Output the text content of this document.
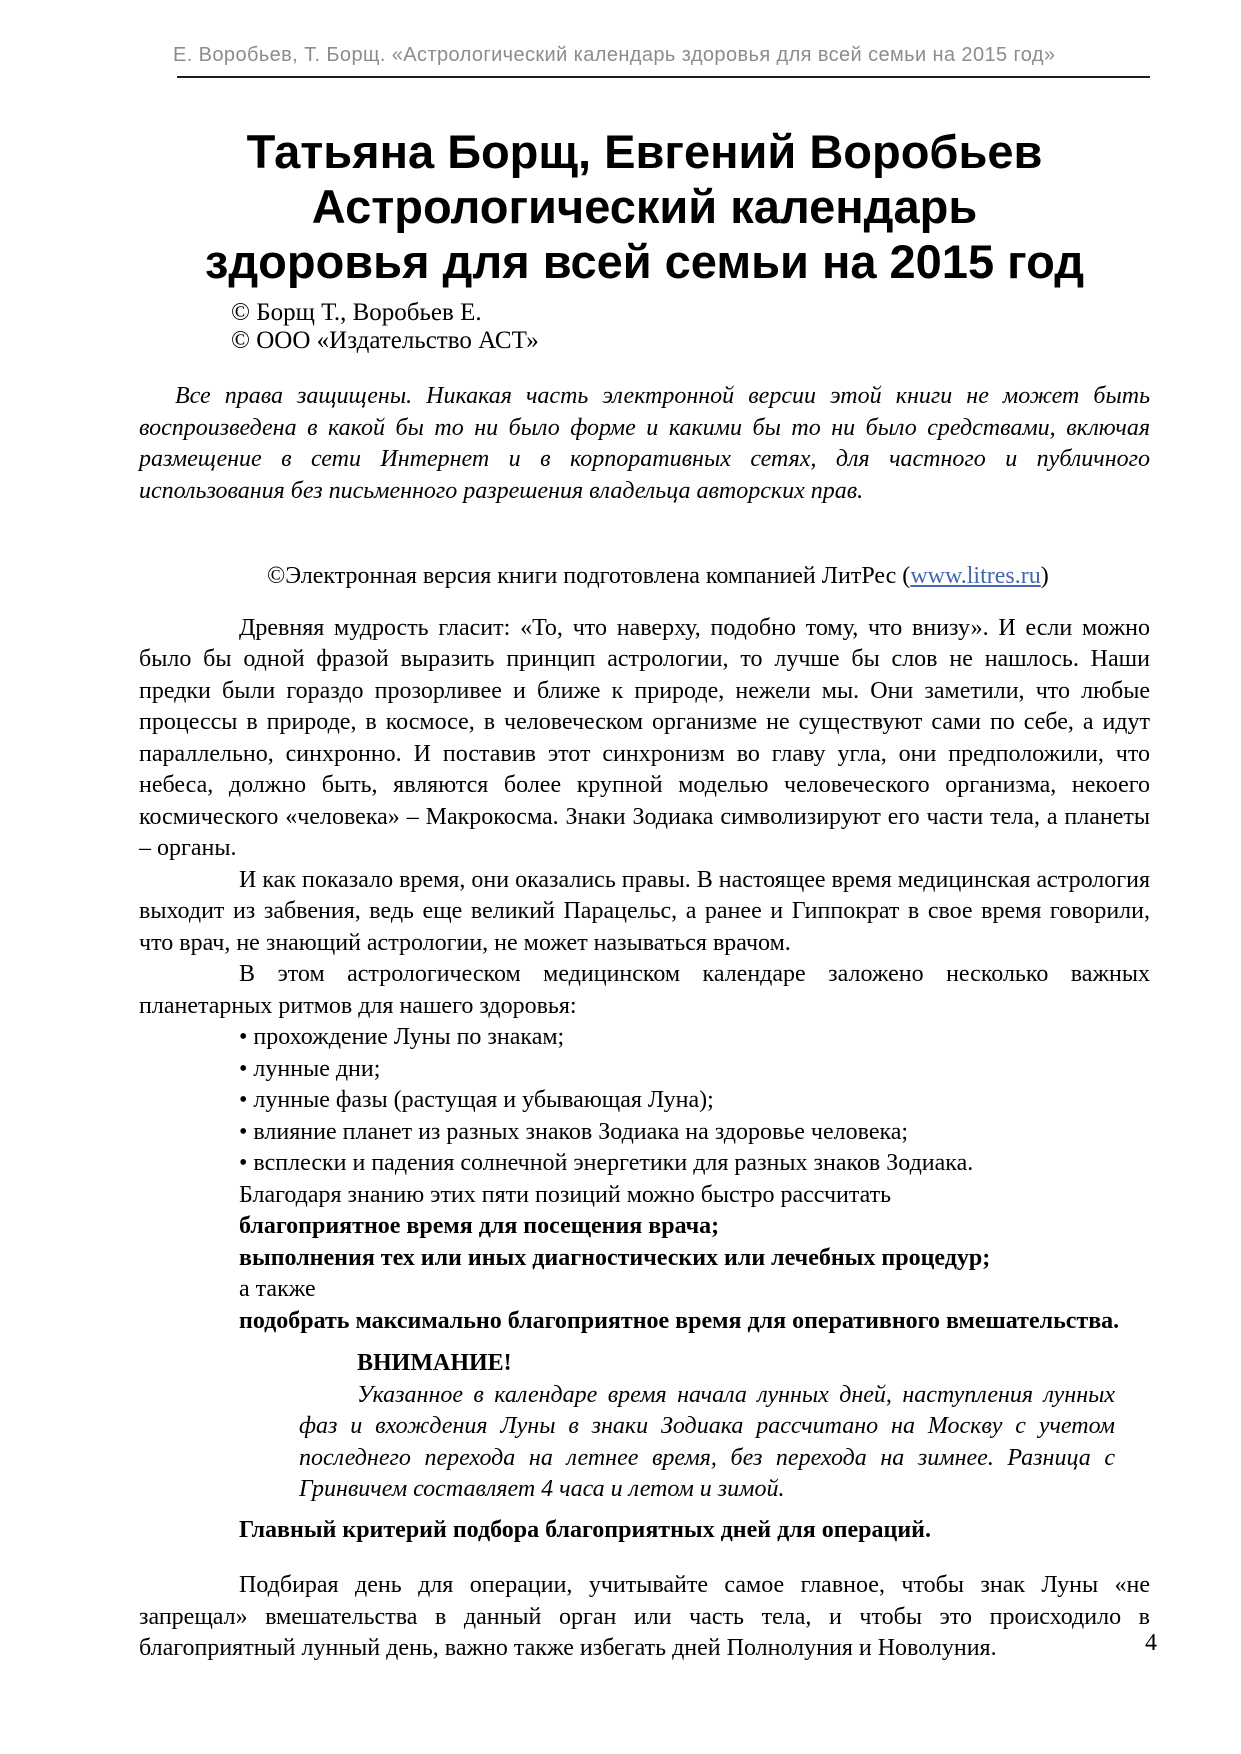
Е. Воробьев, Т. Борщ. «Астрологический календарь здоровья для всей семьи на 2015 год»
Татьяна Борщ, Евгений Воробьев
Астрологический календарь
здоровья для всей семьи на 2015 год

© Борщ Т., Воробьев Е.

© ООО «Издательство АСТ»

Все права защищены. Никакая часть электронной версии этой книги не может быть воспроизведена в какой бы то ни было форме и какими бы то ни было средствами, включая размещение в сети Интернет и в корпоративных сетях, для частного и публичного использования без письменного разрешения владельца авторских прав.

©Электронная версия книги подготовлена компанией ЛитРес (www.litres.ru)

Древняя мудрость гласит: «То, что наверху, подобно тому, что внизу». И если можно было бы одной фразой выразить принцип астрологии, то лучше бы слов не нашлось. Наши предки были гораздо прозорливее и ближе к природе, нежели мы. Они заметили, что любые процессы в природе, в космосе, в человеческом организме не существуют сами по себе, а идут параллельно, синхронно. И поставив этот синхронизм во главу угла, они предположили, что небеса, должно быть, являются более крупной моделью человеческого организма, некоего космического «человека» – Макрокосма. Знаки Зодиака символизируют его части тела, а планеты – органы.

И как показало время, они оказались правы. В настоящее время медицинская астрология выходит из забвения, ведь еще великий Парацельс, а ранее и Гиппократ в свое время говорили, что врач, не знающий астрологии, не может называться врачом.

В этом астрологическом медицинском календаре заложено несколько важных планетарных ритмов для нашего здоровья:

• прохождение Луны по знакам;

• лунные дни;

• лунные фазы (растущая и убывающая Луна);

• влияние планет из разных знаков Зодиака на здоровье человека;

• всплески и падения солнечной энергетики для разных знаков Зодиака.

Благодаря знанию этих пяти позиций можно быстро рассчитать

благоприятное время для посещения врача;

выполнения тех или иных диагностических или лечебных процедур;

а также

подобрать максимально благоприятное время для оперативного вмешательства.

ВНИМАНИЕ!

Указанное в календаре время начала лунных дней, наступления лунных фаз и вхождения Луны в знаки Зодиака рассчитано на Москву с учетом последнего перехода на летнее время, без перехода на зимнее. Разница с Гринвичем составляет 4 часа и летом и зимой.

Главный критерий подбора благоприятных дней для операций.

Подбирая день для операции, учитывайте самое главное, чтобы знак Луны «не запрещал» вмешательства в данный орган или часть тела, и чтобы это происходило в благоприятный лунный день, важно также избегать дней Полнолуния и Новолуния.	4
